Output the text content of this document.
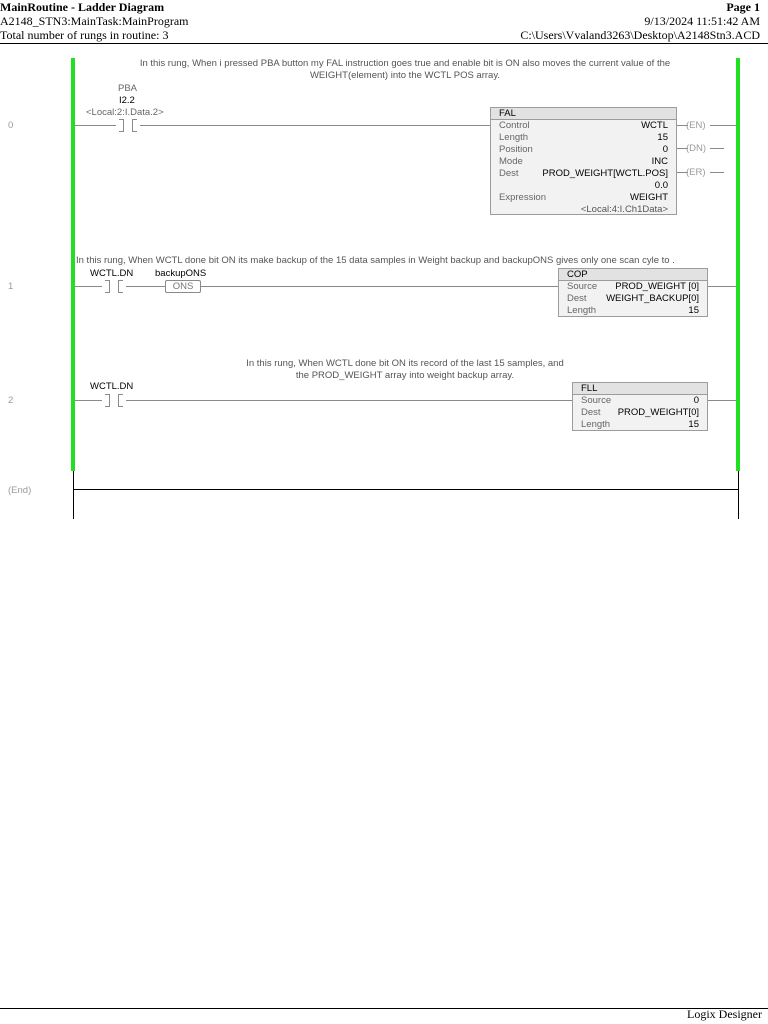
MainRoutine - Ladder Diagram	Page 1
A2148_STN3:MainTask:MainProgram	9/13/2024 11:51:42 AM
Total number of rungs in routine: 3	C:\Users\Vvaland3263\Desktop\A2148Stn3.ACD
0
In this rung, When i pressed PBA button my FAL instruction goes true and enable bit is ON also moves the current value of the
WEIGHT(element) into the WCTL POS array.
PBA
I2.2
<Local:2:I.Data.2>	FAL
Control	WCTL
Length	15
Position	0
Mode	INC
Dest	PROD_WEIGHT[WCTL.POS]
0.0
Expression	WEIGHT
<Local:4:I.Ch1Data>
(EN)
(DN)
(ER)
1
In this rung, When WCTL done bit ON its make backup of the 15 data samples in Weight backup and backupONS gives only one scan cyle to .
WCTL.DN backupONS
ONS
COP
Source PROD_WEIGHT [0]
Dest WEIGHT_BACKUP[0]
Length	15
2
In this rung, When WCTL done bit ON its record of the last 15 samples, and
the PROD_WEIGHT array into weight backup array.
WCTL.DN	FLL
Source	0
Dest PROD_WEIGHT[0]
Length	15
(End)
Logix Designer
